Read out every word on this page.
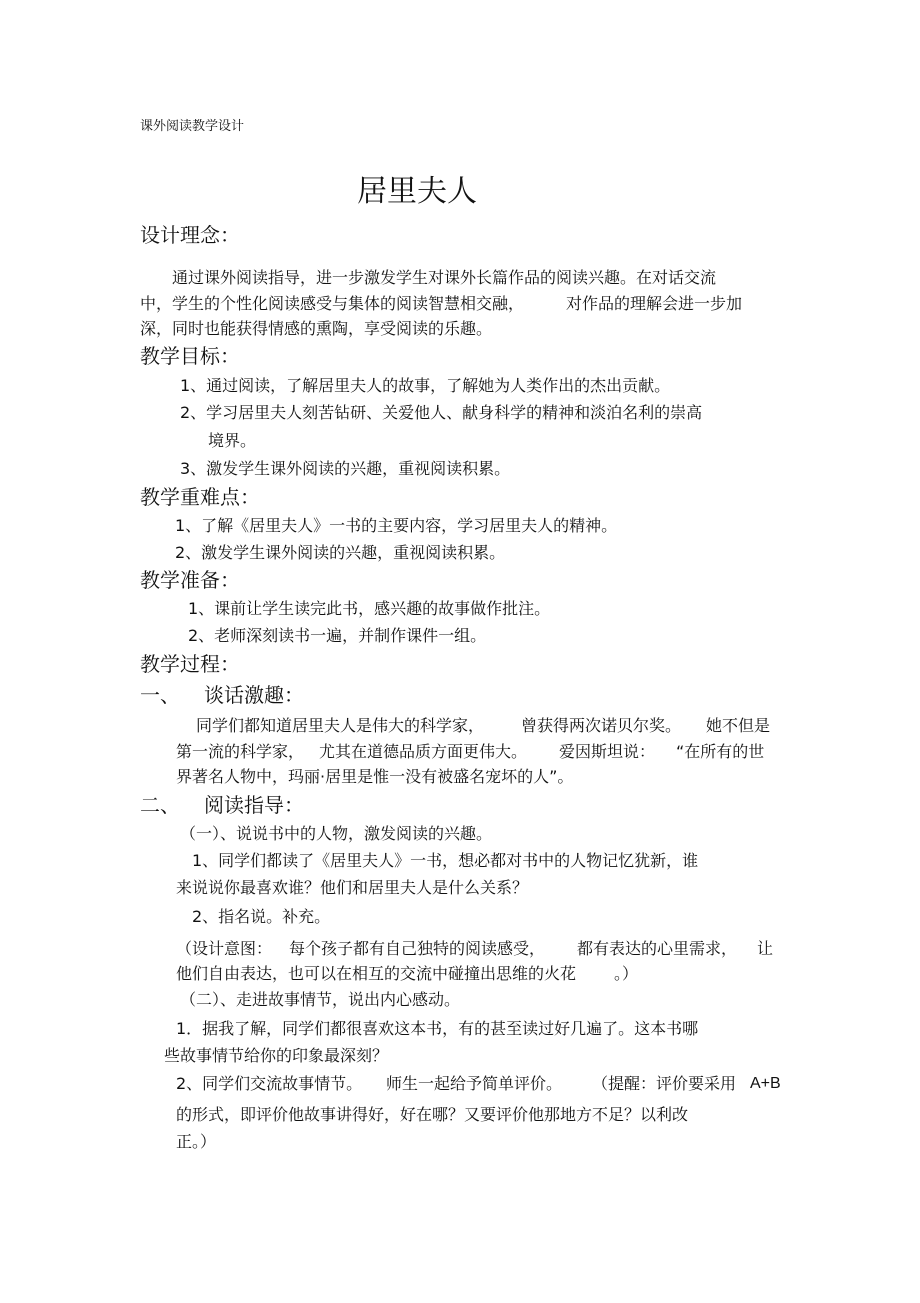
课外阅读教学设计

居里夫人

设计理念：

通过课外阅读指导，进一步激发学生对课外长篇作品的阅读兴趣。在对话交流

中，学生的个性化阅读感受与集体的阅读智慧相交融，	对作品的理解会进一步加

深，同时也能获得情感的熏陶，享受阅读的乐趣。

教学目标：

1、通过阅读，了解居里夫人的故事，了解她为人类作出的杰出贡献。

2、学习居里夫人刻苦钻研、关爱他人、献身科学的精神和淡泊名利的崇高

境界。

3、激发学生课外阅读的兴趣，重视阅读积累。

教学重难点：

1、了解《居里夫人》一书的主要内容，学习居里夫人的精神。

2、激发学生课外阅读的兴趣，重视阅读积累。

教学准备：

1、课前让学生读完此书，感兴趣的故事做作批注。

2、老师深刻读书一遍，并制作课件一组。

教学过程：

一、 谈话激趣：

同学们都知道居里夫人是伟大的科学家， 曾获得两次诺贝尔奖。 她不但是

第一流的科学家， 尤其在道德品质方面更伟大。 爱因斯坦说： “在所有的世

界著名人物中，玛丽·居里是惟一没有被盛名宠坏的人”。

二、 阅读指导：

（一）、说说书中的人物，激发阅读的兴趣。

1、同学们都读了《居里夫人》一书，想必都对书中的人物记忆犹新，谁

来说说你最喜欢谁？他们和居里夫人是什么关系？

2、指名说。补充。

（设计意图： 每个孩子都有自己独特的阅读感受， 都有表达的心里需求， 让

他们自由表达，也可以在相互的交流中碰撞出思维的火花 。）

（二）、走进故事情节，说出内心感动。

1．据我了解，同学们都很喜欢这本书，有的甚至读过好几遍了。这本书哪

些故事情节给你的印象最深刻？

2、同学们交流故事情节。 师生一起给予简单评价。 （提醒：评价要采用 A+B

的形式，即评价他故事讲得好，好在哪？又要评价他那地方不足？以利改

正。）
